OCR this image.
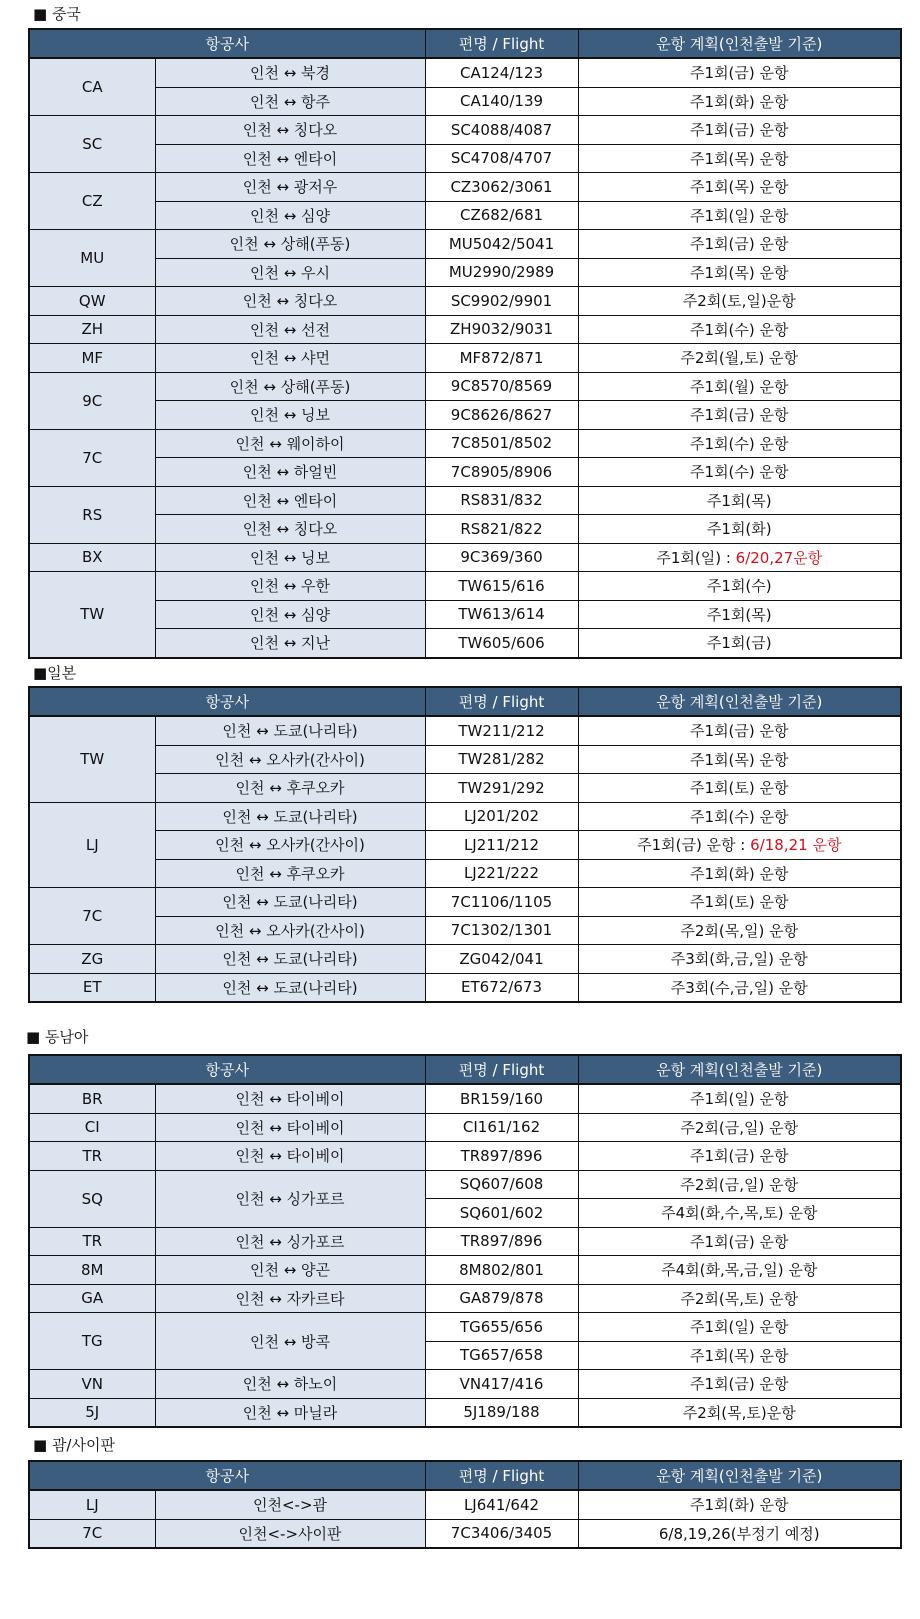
■ 중국
항공사		편명 / Flight	운항 계획(인천출발 기준)
CA	인천 ↔ 북경	CA124/123	주1회(금) 운항
	인천 ↔ 항주	CA140/139	주1회(화) 운항
SC	인천 ↔ 칭다오	SC4088/4087	주1회(금) 운항
	인천 ↔ 엔타이	SC4708/4707	주1회(목) 운항
CZ	인천 ↔ 광저우	CZ3062/3061	주1회(목) 운항
	인천 ↔ 심양	CZ682/681	주1회(일) 운항
MU	인천 ↔ 상해(푸동)	MU5042/5041	주1회(금) 운항
	인천 ↔ 우시	MU2990/2989	주1회(목) 운항
QW	인천 ↔ 칭다오	SC9902/9901	주2회(토,일)운항
ZH	인천 ↔ 선전	ZH9032/9031	주1회(수) 운항
MF	인천 ↔ 샤먼	MF872/871	주2회(월,토) 운항
9C	인천 ↔ 상해(푸동)	9C8570/8569	주1회(월) 운항
	인천 ↔ 닝보	9C8626/8627	주1회(금) 운항
7C	인천 ↔ 웨이하이	7C8501/8502	주1회(수) 운항
	인천 ↔ 하얼빈	7C8905/8906	주1회(수) 운항
RS	인천 ↔ 엔타이	RS831/832	주1회(목)
	인천 ↔ 칭다오	RS821/822	주1회(화)
BX	인천 ↔ 닝보	9C369/360	주1회(일) : 6/20,27운항
TW	인천 ↔ 우한	TW615/616	주1회(수)
	인천 ↔ 심양	TW613/614	주1회(목)
	인천 ↔ 지난	TW605/606	주1회(금)
■일본
항공사		편명 / Flight	운항 계획(인천출발 기준)
TW	인천 ↔ 도쿄(나리타)	TW211/212	주1회(금) 운항
	인천 ↔ 오사카(간사이)	TW281/282	주1회(목) 운항
	인천 ↔ 후쿠오카	TW291/292	주1회(토) 운항
LJ	인천 ↔ 도쿄(나리타)	LJ201/202	주1회(수) 운항
	인천 ↔ 오사카(간사이)	LJ211/212	주1회(금) 운항 : 6/18,21 운항
	인천 ↔ 후쿠오카	LJ221/222	주1회(화) 운항
7C	인천 ↔ 도쿄(나리타)	7C1106/1105	주1회(토) 운항
	인천 ↔ 오사카(간사이)	7C1302/1301	주2회(목,일) 운항
ZG	인천 ↔ 도쿄(나리타)	ZG042/041	주3회(화,금,일) 운항
ET	인천 ↔ 도쿄(나리타)	ET672/673	주3회(수,금,일) 운항
■ 동남아
항공사		편명 / Flight	운항 계획(인천출발 기준)
BR	인천 ↔ 타이베이	BR159/160	주1회(일) 운항
CI	인천 ↔ 타이베이	CI161/162	주2회(금,일) 운항
TR	인천 ↔ 타이베이	TR897/896	주1회(금) 운항
SQ	인천 ↔ 싱가포르	SQ607/608	주2회(금,일) 운항
		SQ601/602	주4회(화,수,목,토) 운항
TR	인천 ↔ 싱가포르	TR897/896	주1회(금) 운항
8M	인천 ↔ 양곤	8M802/801	주4회(화,목,금,일) 운항
GA	인천 ↔ 자카르타	GA879/878	주2회(목,토) 운항
TG	인천 ↔ 방콕	TG655/656	주1회(일) 운항
		TG657/658	주1회(목) 운항
VN	인천 ↔ 하노이	VN417/416	주1회(금) 운항
5J	인천 ↔ 마닐라	5J189/188	주2회(목,토)운항
■ 괌/사이판
항공사		편명 / Flight	운항 계획(인천출발 기준)
LJ	인천<->괌	LJ641/642	주1회(화) 운항
7C	인천<->사이판	7C3406/3405	6/8,19,26(부정기 예정)
